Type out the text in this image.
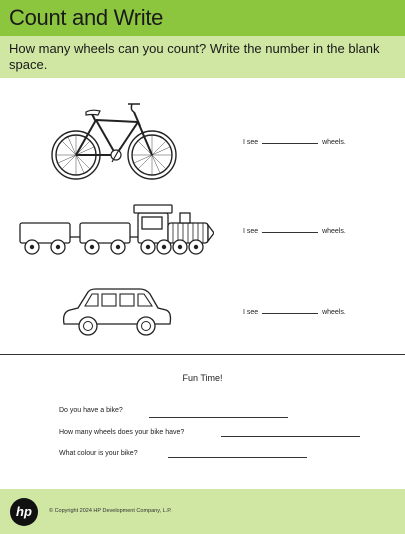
Count and Write
How many wheels can you count? Write the number in the blank space.
I see	wheels.
I see	wheels.
I see	wheels.
Fun Time!
Do you have a bike?
How many wheels does your bike have?
What colour is your bike?
hp	© Copyright 2024 HP Development Company, L.P.
